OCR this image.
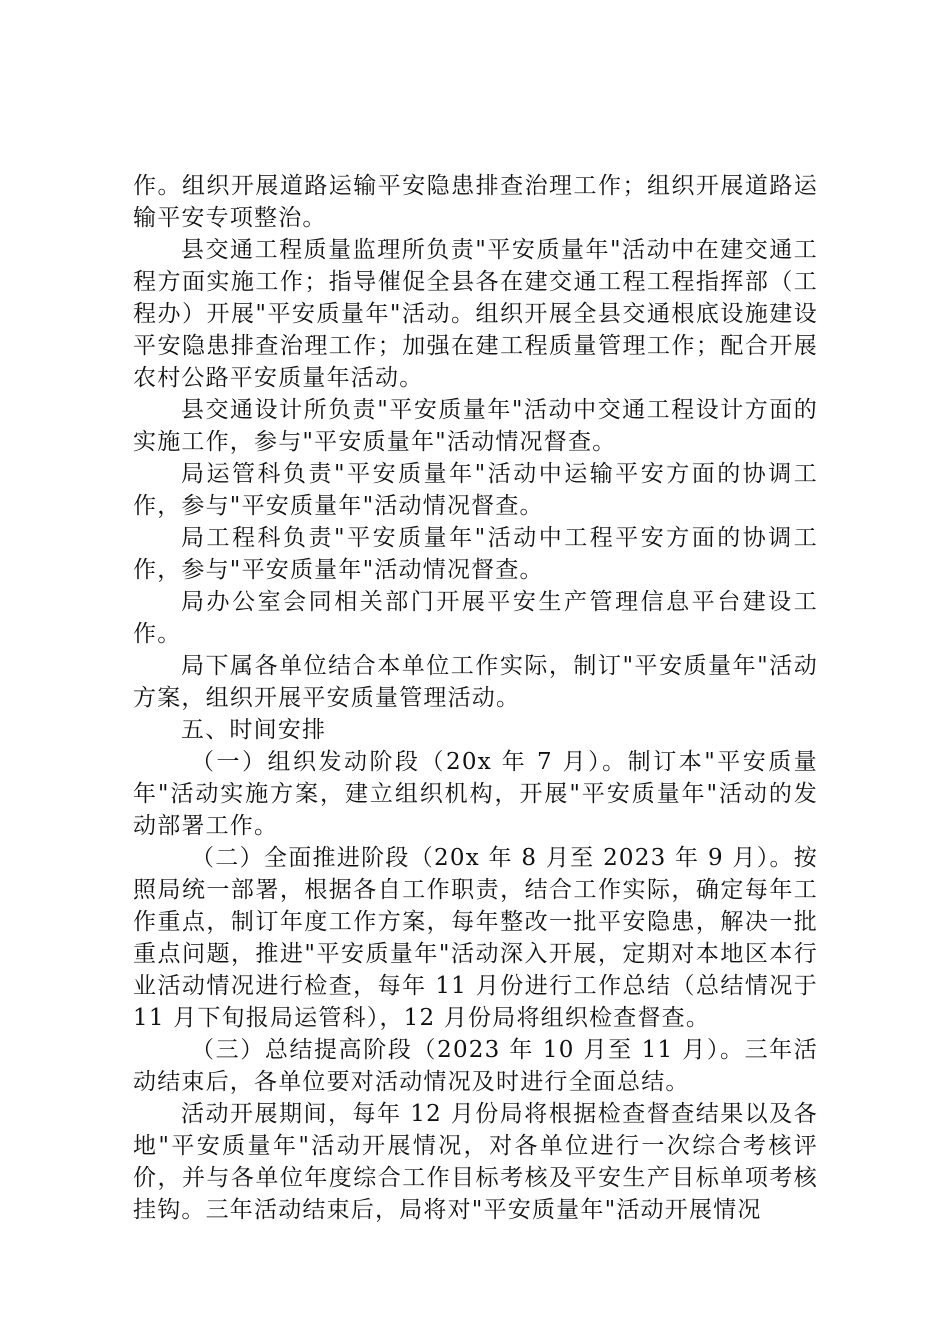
作。组织开展道路运输平安隐患排查治理工作；组织开展道路运输平安专项整治。

县交通工程质量监理所负责"平安质量年"活动中在建交通工程方面实施工作；指导催促全县各在建交通工程工程指挥部（工程办）开展"平安质量年"活动。组织开展全县交通根底设施建设平安隐患排查治理工作；加强在建工程质量管理工作；配合开展农村公路平安质量年活动。

县交通设计所负责"平安质量年"活动中交通工程设计方面的实施工作，参与"平安质量年"活动情况督查。

局运管科负责"平安质量年"活动中运输平安方面的协调工作，参与"平安质量年"活动情况督查。

局工程科负责"平安质量年"活动中工程平安方面的协调工作，参与"平安质量年"活动情况督查。

局办公室会同相关部门开展平安生产管理信息平台建设工作。

局下属各单位结合本单位工作实际，制订"平安质量年"活动方案，组织开展平安质量管理活动。

五、时间安排

（一）组织发动阶段（20x 年 7 月）。制订本"平安质量年"活动实施方案，建立组织机构，开展"平安质量年"活动的发动部署工作。

（二）全面推进阶段（20x 年 8 月至 2023 年 9 月）。按照局统一部署，根据各自工作职责，结合工作实际，确定每年工作重点，制订年度工作方案，每年整改一批平安隐患，解决一批重点问题，推进"平安质量年"活动深入开展，定期对本地区本行业活动情况进行检查，每年 11 月份进行工作总结（总结情况于 11 月下旬报局运管科），12 月份局将组织检查督查。

（三）总结提高阶段（2023 年 10 月至 11 月）。三年活动结束后，各单位要对活动情况及时进行全面总结。

活动开展期间，每年 12 月份局将根据检查督查结果以及各地"平安质量年"活动开展情况，对各单位进行一次综合考核评价，并与各单位年度综合工作目标考核及平安生产目标单项考核挂钩。三年活动结束后，局将对"平安质量年"活动开展情况
